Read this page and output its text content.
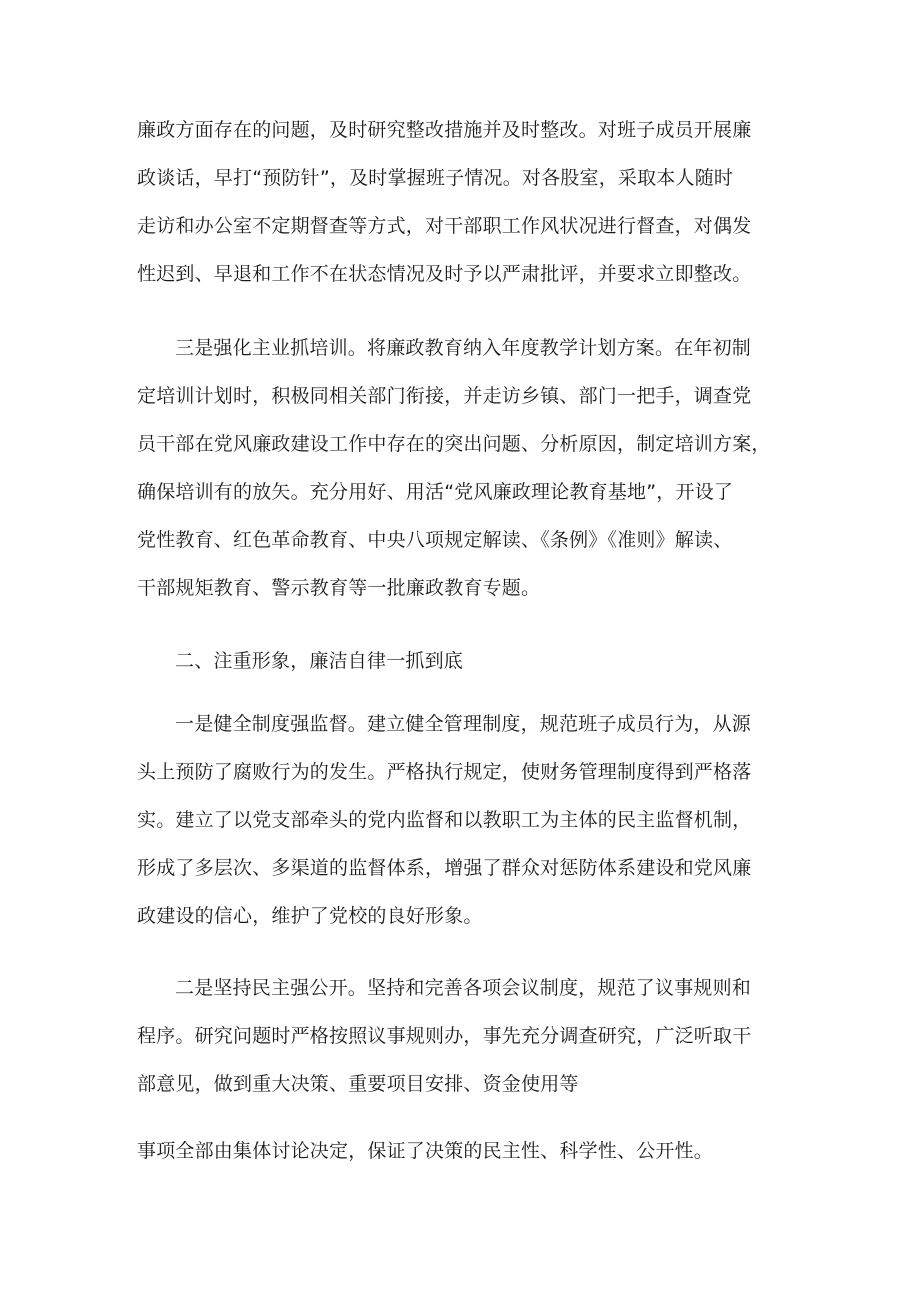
廉政方面存在的问题，及时研究整改措施并及时整改。对班子成员开展廉
政谈话，早打“预防针”，及时掌握班子情况。对各股室，采取本人随时
走访和办公室不定期督查等方式，对干部职工作风状况进行督查，对偶发
性迟到、早退和工作不在状态情况及时予以严肃批评，并要求立即整改。
三是强化主业抓培训。将廉政教育纳入年度教学计划方案。在年初制
定培训计划时，积极同相关部门衔接，并走访乡镇、部门一把手，调查党
员干部在党风廉政建设工作中存在的突出问题、分析原因，制定培训方案，
确保培训有的放矢。充分用好、用活“党风廉政理论教育基地”，开设了
党性教育、红色革命教育、中央八项规定解读、《条例》《准则》解读、
干部规矩教育、警示教育等一批廉政教育专题。
二、注重形象，廉洁自律一抓到底
一是健全制度强监督。建立健全管理制度，规范班子成员行为，从源
头上预防了腐败行为的发生。严格执行规定，使财务管理制度得到严格落
实。建立了以党支部牵头的党内监督和以教职工为主体的民主监督机制，
形成了多层次、多渠道的监督体系，增强了群众对惩防体系建设和党风廉
政建设的信心，维护了党校的良好形象。
二是坚持民主强公开。坚持和完善各项会议制度，规范了议事规则和
程序。研究问题时严格按照议事规则办，事先充分调查研究，广泛听取干
部意见，做到重大决策、重要项目安排、资金使用等
事项全部由集体讨论决定，保证了决策的民主性、科学性、公开性。
